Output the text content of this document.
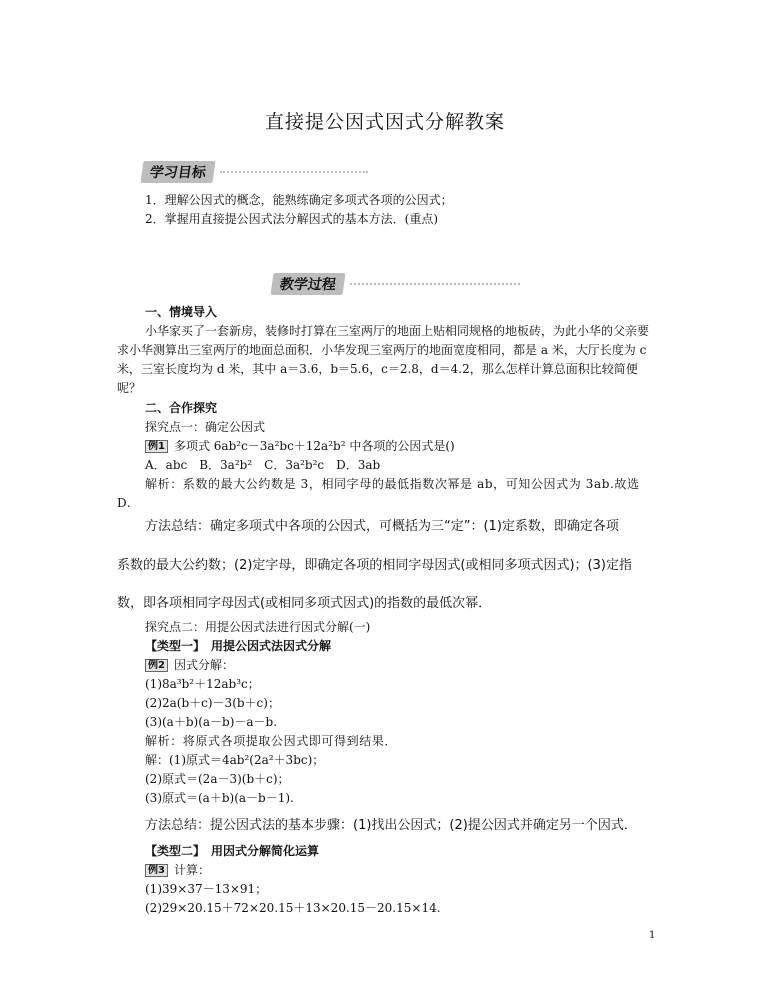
直接提公因式因式分解教案
学习目标
1．理解公因式的概念，能熟练确定多项式各项的公因式；
2．掌握用直接提公因式法分解因式的基本方法．(重点)
教学过程
一、情境导入
小华家买了一套新房，装修时打算在三室两厅的地面上贴相同规格的地板砖，为此小华的父亲要求小华测算出三室两厅的地面总面积．小华发现三室两厅的地面宽度相同，都是 a 米，大厅长度为 c 米，三室长度均为 d 米，其中 a＝3.6，b＝5.6，c＝2.8，d＝4.2，那么怎样计算总面积比较简便呢？
二、合作探究
探究点一：确定公因式
例1 多项式 6ab²c－3a²bc＋12a²b² 中各项的公因式是()
A．abc　B．3a²b²　C．3a²b²c　D．3ab
解析：系数的最大公约数是 3，相同字母的最低指数次幂是 ab，可知公因式为 3ab.故选 D.
方法总结：确定多项式中各项的公因式，可概括为三“定”：(1)定系数，即确定各项
系数的最大公约数；(2)定字母，即确定各项的相同字母因式(或相同多项式因式)；(3)定指
数，即各项相同字母因式(或相同多项式因式)的指数的最低次幂．
探究点二：用提公因式法进行因式分解(一)
【类型一】　用提公因式法因式分解
例2 因式分解：
(1)8a³b²＋12ab³c；
(2)2a(b＋c)－3(b＋c)；
(3)(a＋b)(a－b)－a－b.
解析：将原式各项提取公因式即可得到结果．
解：(1)原式＝4ab²(2a²＋3bc)；
(2)原式＝(2a－3)(b＋c)；
(3)原式＝(a＋b)(a－b－1).
方法总结：提公因式法的基本步骤：(1)找出公因式；(2)提公因式并确定另一个因式．
【类型二】　用因式分解简化运算
例3 计算：
(1)39×37－13×91；
(2)29×20.15＋72×20.15＋13×20.15－20.15×14.
1
